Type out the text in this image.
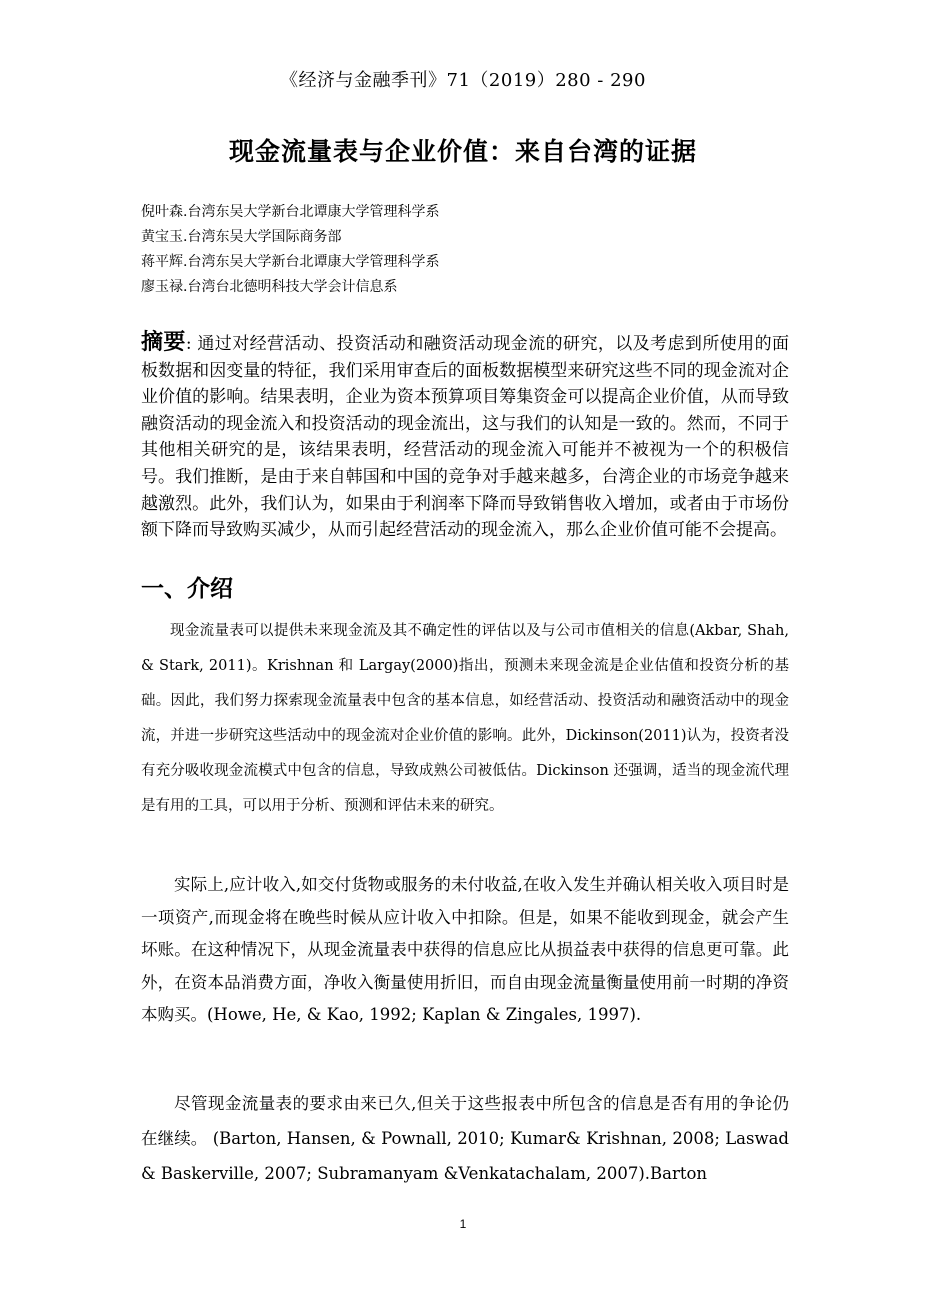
《经济与金融季刊》71（2019）280 - 290
现金流量表与企业价值：来自台湾的证据
倪叶森.台湾东吴大学新台北谭康大学管理科学系
黄宝玉.台湾东吴大学国际商务部
蒋平辉.台湾东吴大学新台北谭康大学管理科学系
廖玉禄.台湾台北德明科技大学会计信息系
摘要: 通过对经营活动、投资活动和融资活动现金流的研究，以及考虑到所使用的面板数据和因变量的特征，我们采用审查后的面板数据模型来研究这些不同的现金流对企业价值的影响。结果表明，企业为资本预算项目筹集资金可以提高企业价值，从而导致融资活动的现金流入和投资活动的现金流出，这与我们的认知是一致的。然而，不同于其他相关研究的是，该结果表明，经营活动的现金流入可能并不被视为一个的积极信号。我们推断，是由于来自韩国和中国的竞争对手越来越多，台湾企业的市场竞争越来越激烈。此外，我们认为，如果由于利润率下降而导致销售收入增加，或者由于市场份额下降而导致购买减少，从而引起经营活动的现金流入，那么企业价值可能不会提高。
一、介绍
现金流量表可以提供未来现金流及其不确定性的评估以及与公司市值相关的信息(Akbar, Shah, & Stark, 2011)。Krishnan 和 Largay(2000)指出，预测未来现金流是企业估值和投资分析的基础。因此，我们努力探索现金流量表中包含的基本信息，如经营活动、投资活动和融资活动中的现金流，并进一步研究这些活动中的现金流对企业价值的影响。此外，Dickinson(2011)认为，投资者没有充分吸收现金流模式中包含的信息，导致成熟公司被低估。Dickinson 还强调，适当的现金流代理是有用的工具，可以用于分析、预测和评估未来的研究。
实际上,应计收入,如交付货物或服务的未付收益,在收入发生并确认相关收入项目时是一项资产,而现金将在晚些时候从应计收入中扣除。但是，如果不能收到现金，就会产生坏账。在这种情况下，从现金流量表中获得的信息应比从损益表中获得的信息更可靠。此外，在资本品消费方面，净收入衡量使用折旧，而自由现金流量衡量使用前一时期的净资本购买。(Howe, He, & Kao, 1992; Kaplan & Zingales, 1997).
尽管现金流量表的要求由来已久,但关于这些报表中所包含的信息是否有用的争论仍在继续。 (Barton, Hansen, & Pownall, 2010; Kumar& Krishnan, 2008; Laswad & Baskerville, 2007; Subramanyam &Venkatachalam, 2007).Barton
1
